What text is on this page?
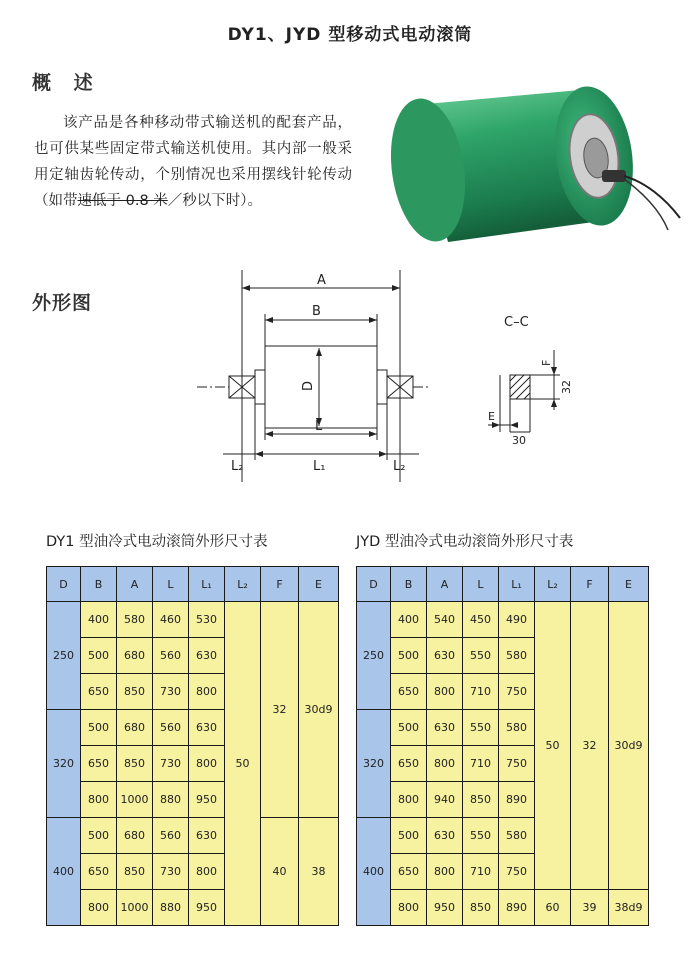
DY1、JYD 型移动式电动滚筒
概 述

该产品是各种移动带式输送机的配套产品，也可供某些固定带式输送机使用。其内部一般采用定轴齿轮传动，个别情况也采用摆线针轮传动（如带速低于 0.8 米／秒以下时）。

外形图
A
B
D
L
L₁
L₂	L₂
C–C
F
32
E
30
DY1 型油冷式电动滚筒外形尺寸表	JYD 型油冷式电动滚筒外形尺寸表
D	B	A	L	L₁	L₂	F	E
250	400	580	460	530	50	32	30d9
	500	680	560	630			
	650	850	730	800			
320	500	680	560	630			
	650	850	730	800			
	800	1000	880	950			
400	500	680	560	630		40	38
	650	850	730	800			
	800	1000	880	950			
D	B	A	L	L₁	L₂	F	E
250	400	540	450	490	50	32	30d9
	500	630	550	580			
	650	800	710	750			
320	500	630	550	580			
	650	800	710	750			
	800	940	850	890			
400	500	630	550	580			
	650	800	710	750			
	800	950	850	890	60	39	38d9
